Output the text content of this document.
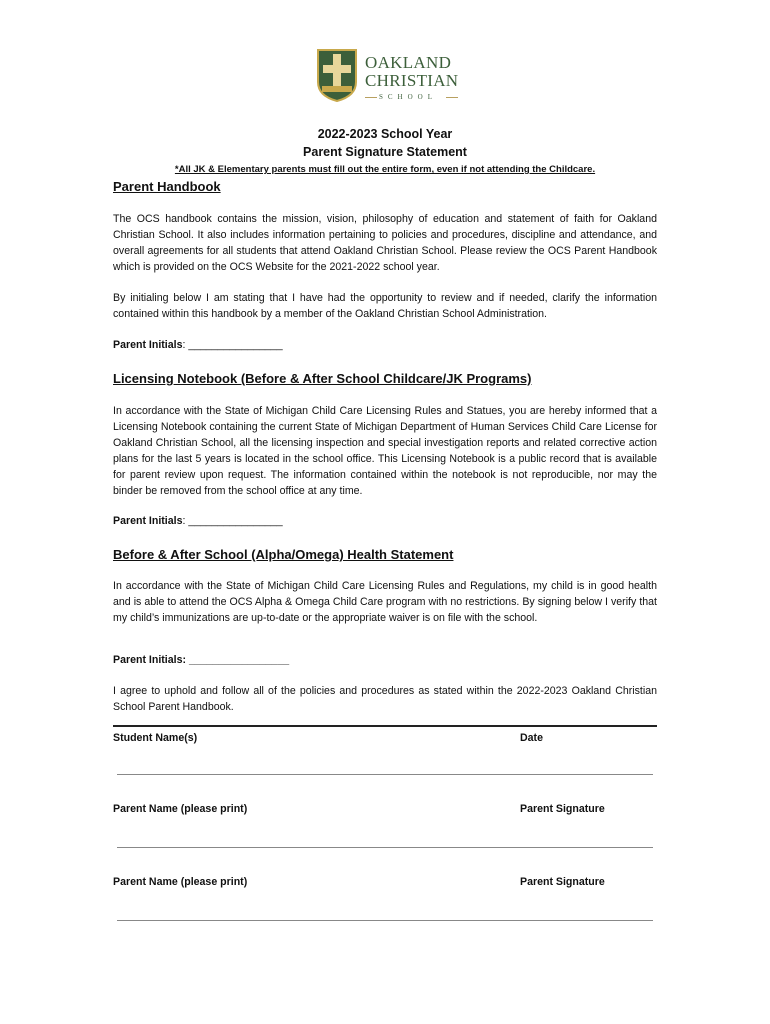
OAKLAND
CHRISTIAN
SCHOOL
2022-2023 School Year
Parent Signature Statement
*All JK & Elementary parents must fill out the entire form, even if not attending the Childcare.
Parent Handbook

The OCS handbook contains the mission, vision, philosophy of education and statement of faith for Oakland Christian School. It also includes information pertaining to policies and procedures, discipline and attendance, and overall agreements for all students that attend Oakland Christian School. Please review the OCS Parent Handbook which is provided on the OCS Website for the 2021-2022 school year.

By initialing below I am stating that I have had the opportunity to review and if needed, clarify the information contained within this handbook by a member of the Oakland Christian School Administration.

Parent Initials: ________________
Licensing Notebook (Before & After School Childcare/JK Programs)

In accordance with the State of Michigan Child Care Licensing Rules and Statues, you are hereby informed that a Licensing Notebook containing the current State of Michigan Department of Human Services Child Care License for Oakland Christian School, all the licensing inspection and special investigation reports and related corrective action plans for the last 5 years is located in the school office. This Licensing Notebook is a public record that is available for parent review upon request. The information contained within the notebook is not reproducible, nor may the binder be removed from the school office at any time.

Parent Initials: ________________
Before & After School (Alpha/Omega) Health Statement

In accordance with the State of Michigan Child Care Licensing Rules and Regulations, my child is in good health and is able to attend the OCS Alpha & Omega Child Care program with no restrictions. By signing below I verify that my child’s immunizations are up-to-date or the appropriate waiver is on file with the school.

Parent Initials: _________________

I agree to uphold and follow all of the policies and procedures as stated within the 2022-2023 Oakland Christian School Parent Handbook.

Student Name(s)	Date
Parent Name (please print)	Parent Signature
Parent Name (please print)	Parent Signature
